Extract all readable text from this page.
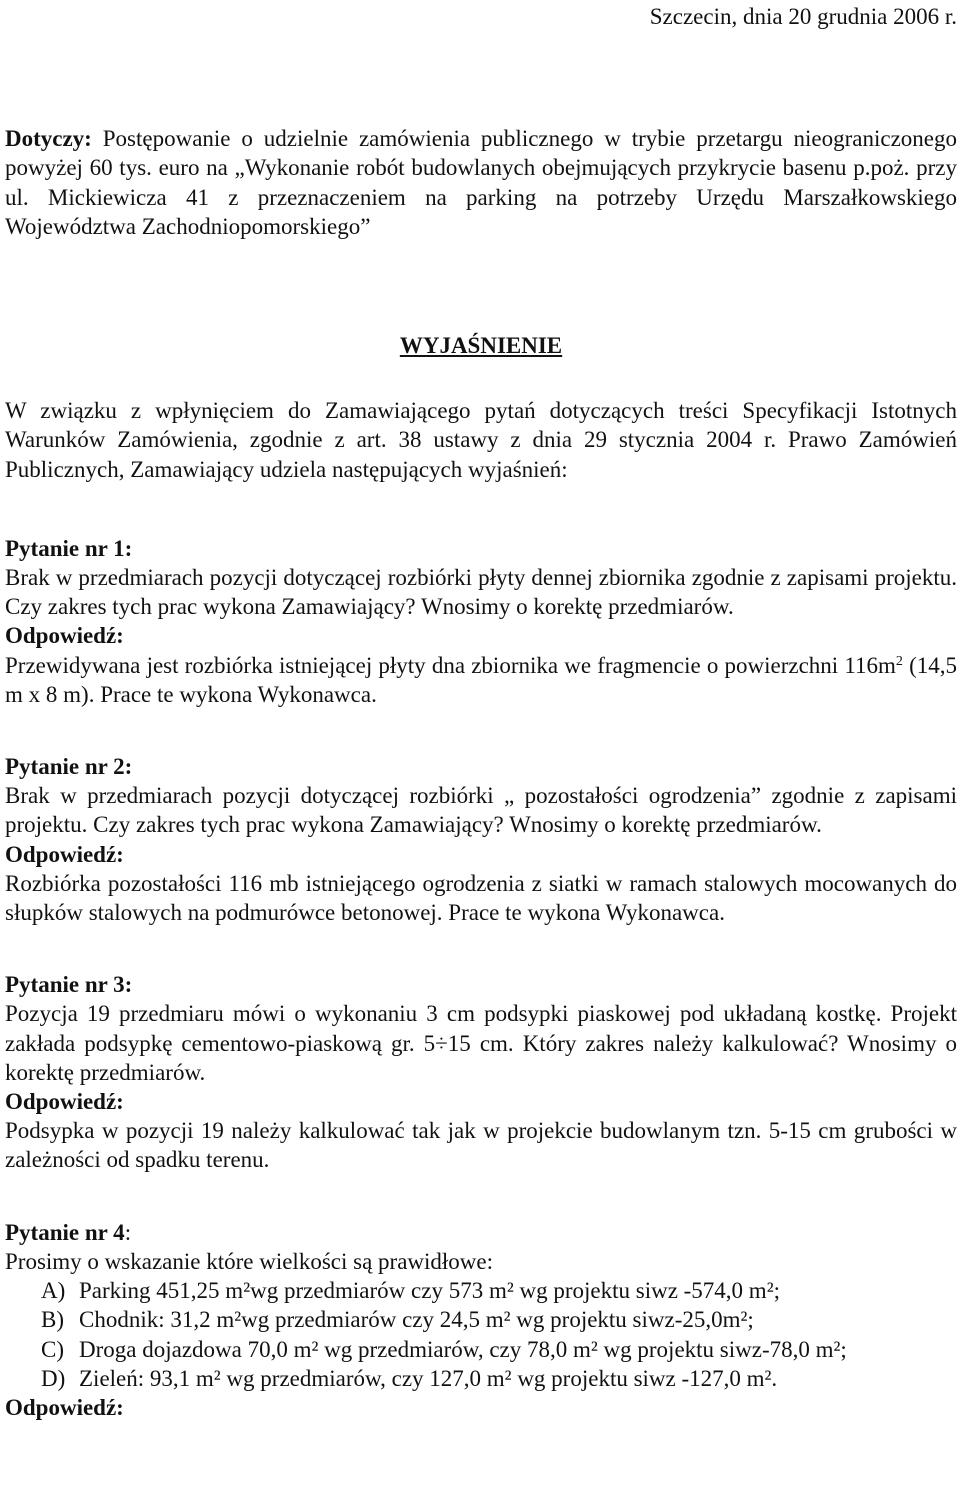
Szczecin, dnia 20 grudnia 2006 r.

Dotyczy: Postępowanie o udzielnie zamówienia publicznego w trybie przetargu nieograniczonego powyżej 60 tys. euro na „Wykonanie robót budowlanych obejmujących przykrycie basenu p.poż. przy ul. Mickiewicza 41 z przeznaczeniem na parking na potrzeby Urzędu Marszałkowskiego Województwa Zachodniopomorskiego”

WYJAŚNIENIE

W związku z wpłynięciem do Zamawiającego pytań dotyczących treści Specyfikacji Istotnych Warunków Zamówienia, zgodnie z art. 38 ustawy z dnia 29 stycznia 2004 r. Prawo Zamówień Publicznych, Zamawiający udziela następujących wyjaśnień:

Pytanie nr 1:

Brak w przedmiarach pozycji dotyczącej rozbiórki płyty dennej zbiornika zgodnie z zapisami projektu. Czy zakres tych prac wykona Zamawiający? Wnosimy o korektę przedmiarów.

Odpowiedź:

Przewidywana jest rozbiórka istniejącej płyty dna zbiornika we fragmencie o powierzchni $116m^2$ (14,5 m x 8 m). Prace te wykona Wykonawca.

Pytanie nr 2:

Brak w przedmiarach pozycji dotyczącej rozbiórki „ pozostałości ogrodzenia” zgodnie z zapisami projektu. Czy zakres tych prac wykona Zamawiający? Wnosimy o korektę przedmiarów.

Odpowiedź:

Rozbiórka pozostałości 116 mb istniejącego ogrodzenia z siatki w ramach stalowych mocowanych do słupków stalowych na podmurówce betonowej. Prace te wykona Wykonawca.

Pytanie nr 3:

Pozycja 19 przedmiaru mówi o wykonaniu 3 cm podsypki piaskowej pod układaną kostkę. Projekt zakłada podsypkę cementowo-piaskową gr. 5÷15 cm. Który zakres należy kalkulować? Wnosimy o korektę przedmiarów.

Odpowiedź:

Podsypka w pozycji 19 należy kalkulować tak jak w projekcie budowlanym tzn. 5-15 cm grubości w zależności od spadku terenu.

Pytanie nr 4:

Prosimy o wskazanie które wielkości są prawidłowe:

A) Parking 451,25 m²wg przedmiarów czy 573 m² wg projektu siwz -574,0 m²;
B) Chodnik: 31,2 m²wg przedmiarów czy 24,5 m² wg projektu siwz-25,0m²;
C) Droga dojazdowa 70,0 m² wg przedmiarów, czy 78,0 m² wg projektu siwz-78,0 m²;
D) Zieleń: 93,1 m² wg przedmiarów, czy 127,0 m² wg projektu siwz -127,0 m².

Odpowiedź:
